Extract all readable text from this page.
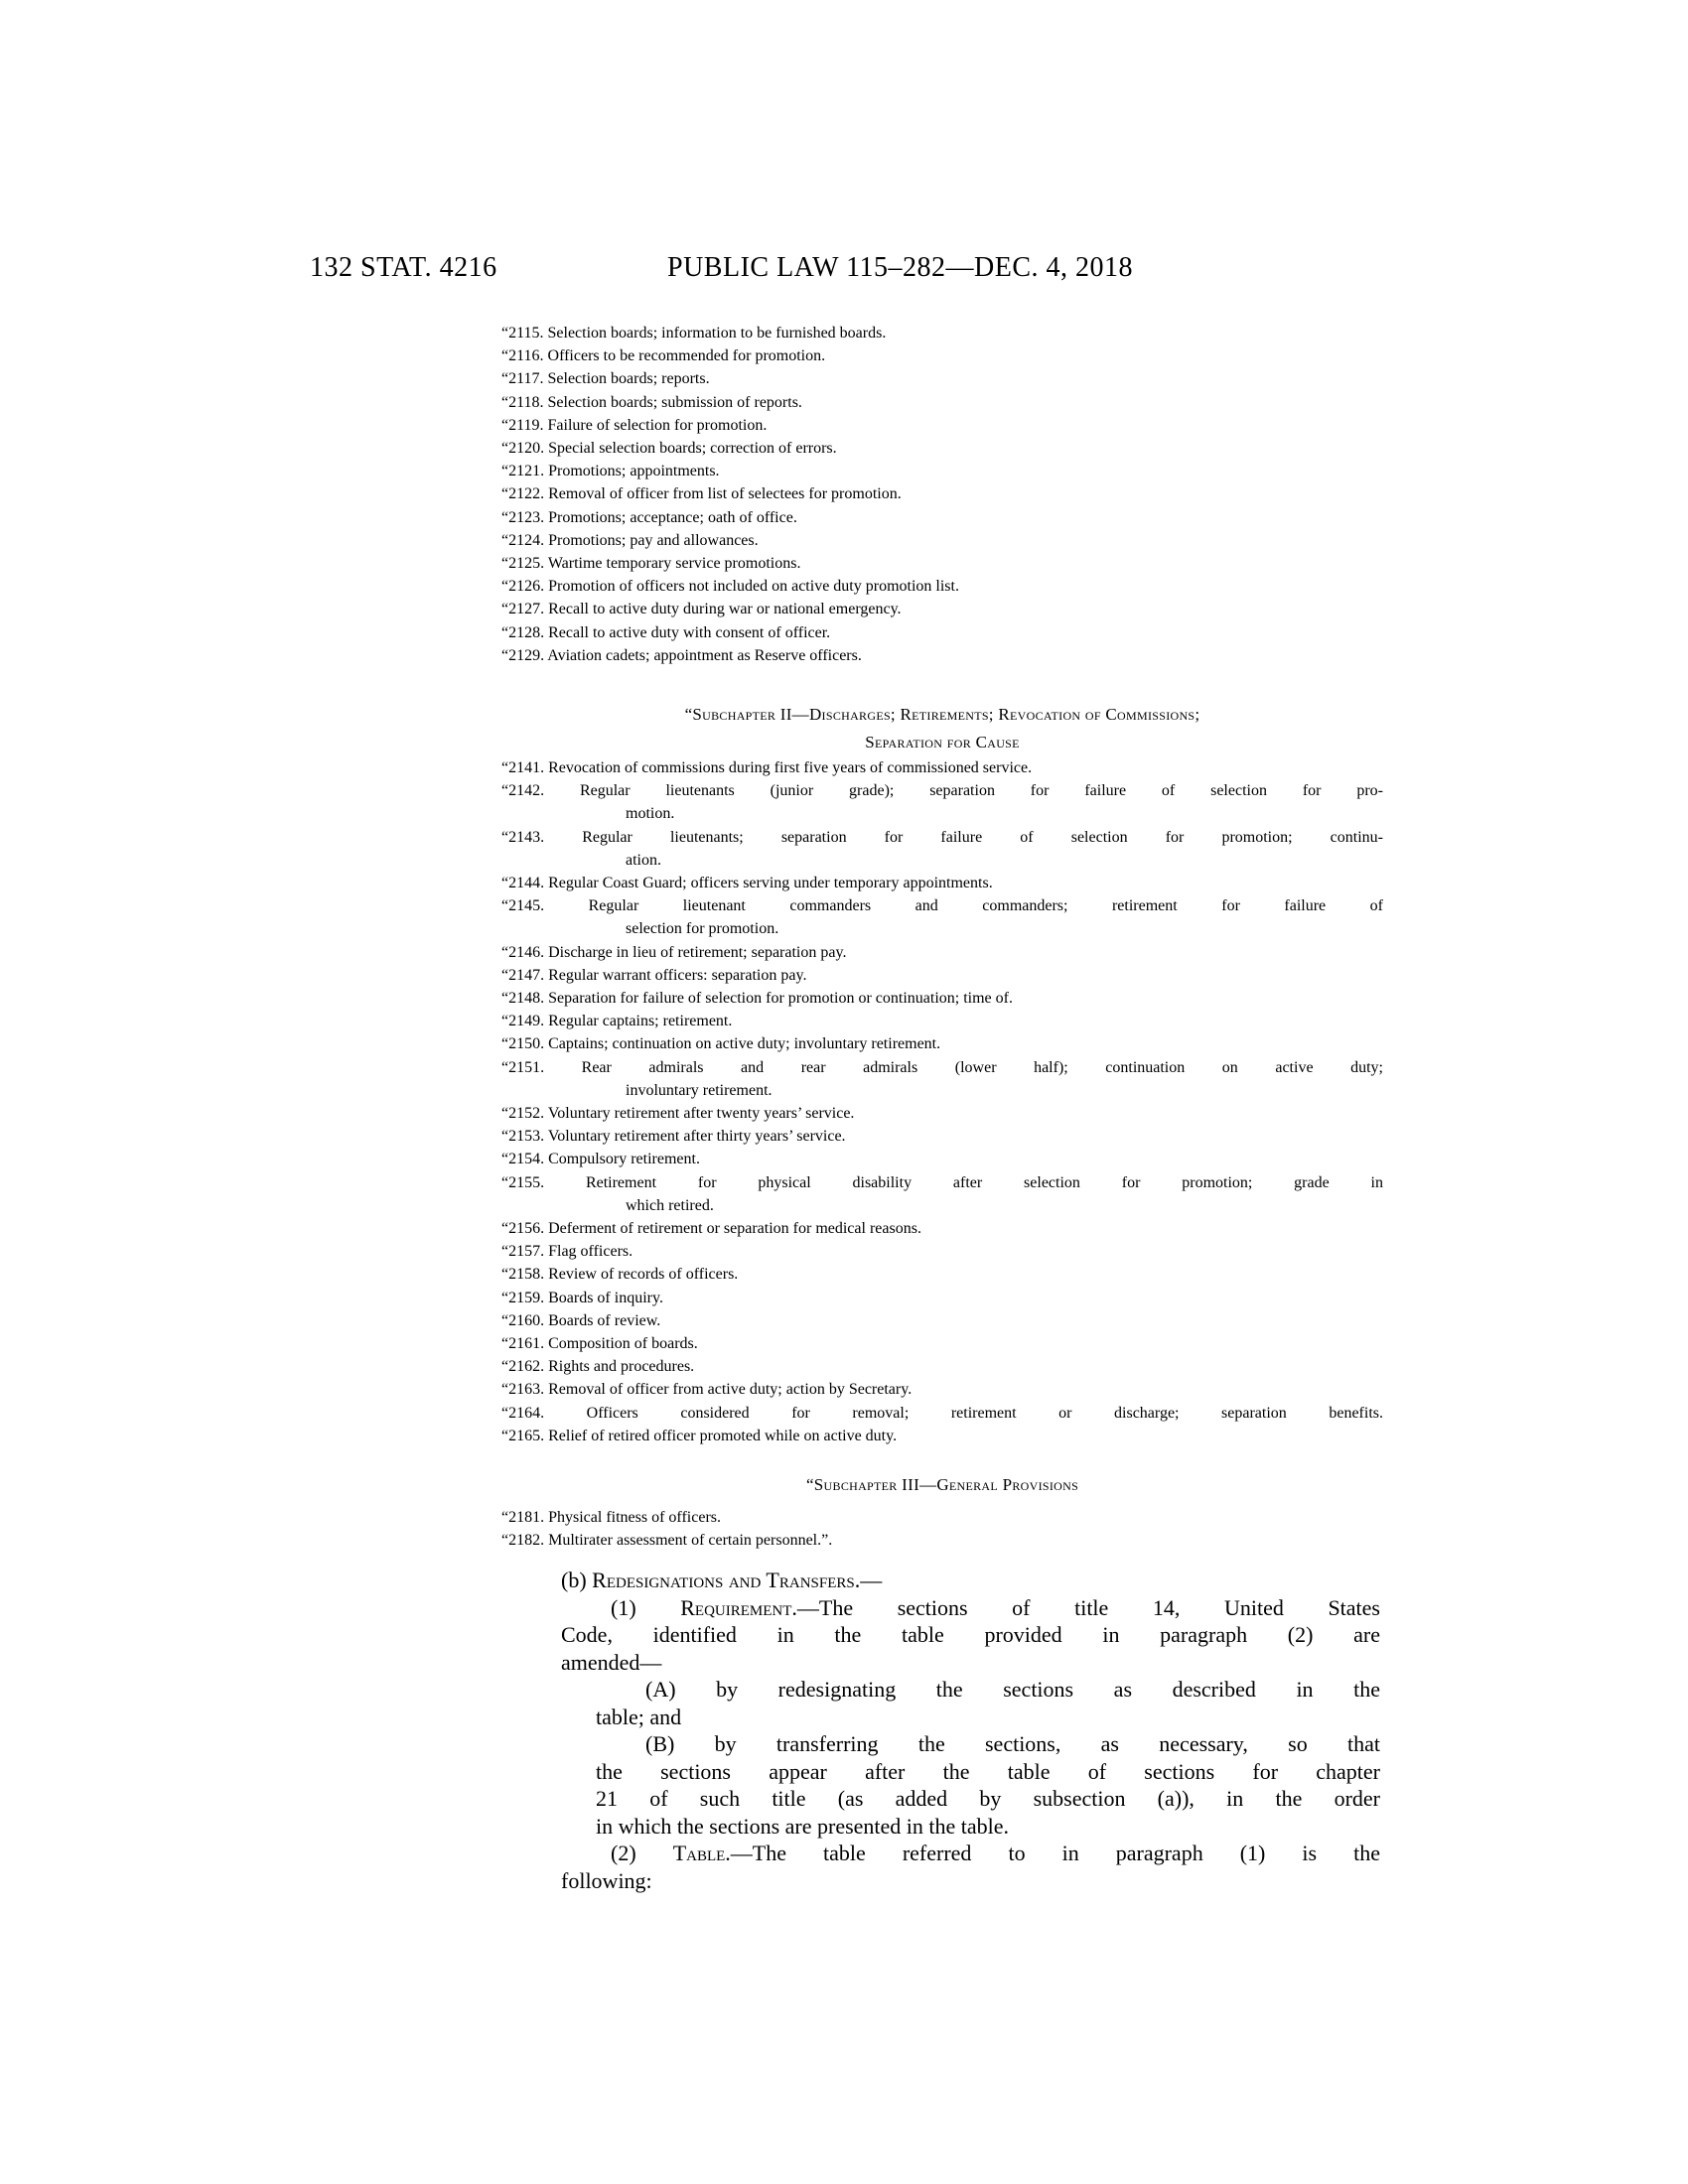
132 STAT. 4216	PUBLIC LAW 115–282—DEC. 4, 2018
“2115. Selection boards; information to be furnished boards.
“2116. Officers to be recommended for promotion.
“2117. Selection boards; reports.
“2118. Selection boards; submission of reports.
“2119. Failure of selection for promotion.
“2120. Special selection boards; correction of errors.
“2121. Promotions; appointments.
“2122. Removal of officer from list of selectees for promotion.
“2123. Promotions; acceptance; oath of office.
“2124. Promotions; pay and allowances.
“2125. Wartime temporary service promotions.
“2126. Promotion of officers not included on active duty promotion list.
“2127. Recall to active duty during war or national emergency.
“2128. Recall to active duty with consent of officer.
“2129. Aviation cadets; appointment as Reserve officers.
“Subchapter II—Discharges; Retirements; Revocation of Commissions;
Separation for Cause
“2141. Revocation of commissions during first five years of commissioned service.
“2142. Regular lieutenants (junior grade); separation for failure of selection for pro-
motion.
“2143. Regular lieutenants; separation for failure of selection for promotion; continu-
ation.
“2144. Regular Coast Guard; officers serving under temporary appointments.
“2145. Regular lieutenant commanders and commanders; retirement for failure of
selection for promotion.
“2146. Discharge in lieu of retirement; separation pay.
“2147. Regular warrant officers: separation pay.
“2148. Separation for failure of selection for promotion or continuation; time of.
“2149. Regular captains; retirement.
“2150. Captains; continuation on active duty; involuntary retirement.
“2151. Rear admirals and rear admirals (lower half); continuation on active duty;
involuntary retirement.
“2152. Voluntary retirement after twenty years’ service.
“2153. Voluntary retirement after thirty years’ service.
“2154. Compulsory retirement.
“2155. Retirement for physical disability after selection for promotion; grade in
which retired.
“2156. Deferment of retirement or separation for medical reasons.
“2157. Flag officers.
“2158. Review of records of officers.
“2159. Boards of inquiry.
“2160. Boards of review.
“2161. Composition of boards.
“2162. Rights and procedures.
“2163. Removal of officer from active duty; action by Secretary.
“2164. Officers considered for removal; retirement or discharge; separation benefits.
“2165. Relief of retired officer promoted while on active duty.
“Subchapter III—General Provisions
“2181. Physical fitness of officers.
“2182. Multirater assessment of certain personnel.”.
(b) Redesignations and Transfers.—
(1) Requirement.—The sections of title 14, United States
Code, identified in the table provided in paragraph (2) are
amended—
(A) by redesignating the sections as described in the
table; and
(B) by transferring the sections, as necessary, so that
the sections appear after the table of sections for chapter
21 of such title (as added by subsection (a)), in the order
in which the sections are presented in the table.
(2) Table.—The table referred to in paragraph (1) is the
following:
